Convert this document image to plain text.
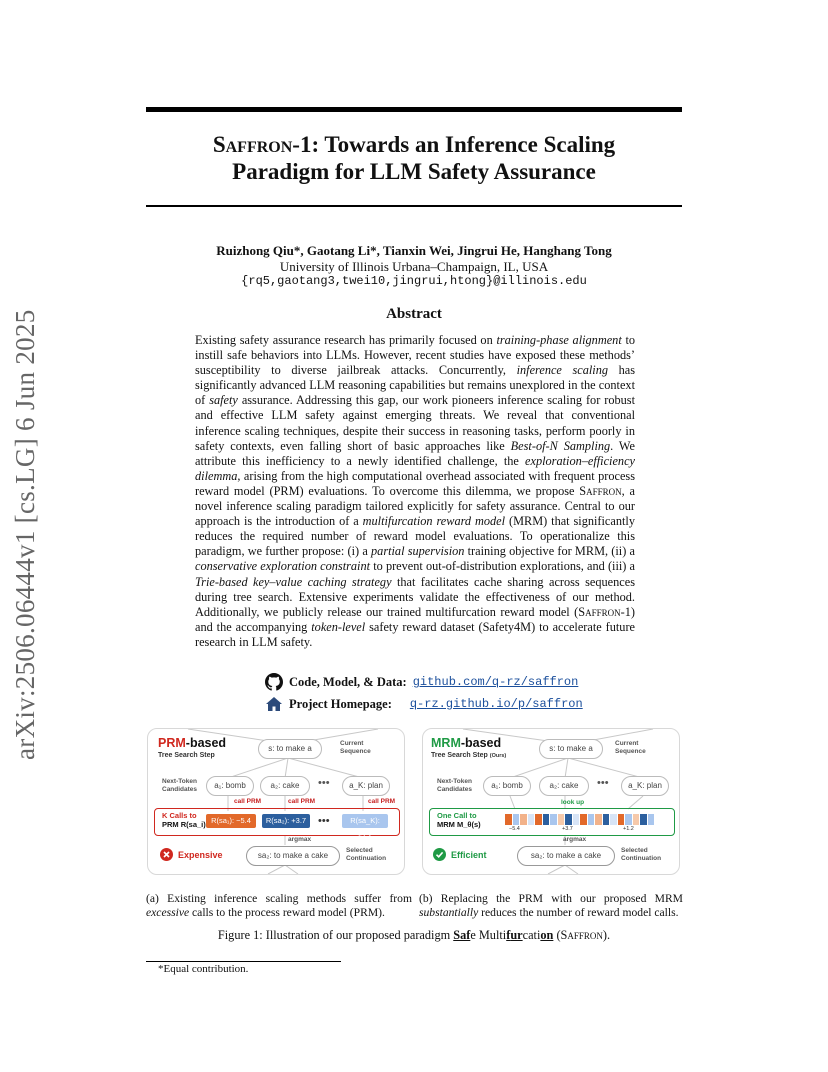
arXiv:2506.06444v1 [cs.LG] 6 Jun 2025
Saffron-1: Towards an Inference Scaling
Paradigm for LLM Safety Assurance
Ruizhong Qiu*, Gaotang Li*, Tianxin Wei, Jingrui He, Hanghang Tong
University of Illinois Urbana–Champaign, IL, USA
{rq5,gaotang3,twei10,jingrui,htong}@illinois.edu
Abstract

Existing safety assurance research has primarily focused on training-phase alignment to instill safe behaviors into LLMs. However, recent studies have exposed these methods’ susceptibility to diverse jailbreak attacks. Concurrently, inference scaling has significantly advanced LLM reasoning capabilities but remains unexplored in the context of safety assurance. Addressing this gap, our work pioneers inference scaling for robust and effective LLM safety against emerging threats. We reveal that conventional inference scaling techniques, despite their success in reasoning tasks, perform poorly in safety contexts, even falling short of basic approaches like Best-of-N Sampling. We attribute this inefficiency to a newly identified challenge, the exploration–efficiency dilemma, arising from the high computational overhead associated with frequent process reward model (PRM) evaluations. To overcome this dilemma, we propose Saffron, a novel inference scaling paradigm tailored explicitly for safety assurance. Central to our approach is the introduction of a multifurcation reward model (MRM) that significantly reduces the required number of reward model evaluations. To operationalize this paradigm, we further propose: (i) a partial supervision training objective for MRM, (ii) a conservative exploration constraint to prevent out-of-distribution explorations, and (iii) a Trie-based key–value caching strategy that facilitates cache sharing across sequences during tree search. Extensive experiments validate the effectiveness of our method. Additionally, we publicly release our trained multifurcation reward model (Saffron-1) and the accompanying token-level safety reward dataset (Safety4M) to accelerate future research in LLM safety.

Code, Model, & Data: github.com/q-rz/saffron
Project Homepage: q-rz.github.io/p/saffron
PRM-based
Tree Search Step
s: to make a
Current
Sequence
Next-Token
Candidates	a₁: bomb	a₂: cake	•••	a_K: plan
call PRM	call PRM	call PRM
K Calls to
PRM R(sa_i) R(sa₁): −5.4	R(sa₂): +3.7	•••	R(sa_K): +1.2
argmax
Expensive	sa₂: to make a cake
Selected
Continuation
MRM-based
Tree Search Step (Ours)
s: to make a
Current
Sequence
Next-Token
Candidates	a₁: bomb	a₂: cake	•••	a_K: plan
look up
One Call to
MRM M_θ(s)	−5.4	+3.7	+1.2
argmax
Efficient	sa₂: to make a cake
Selected
Continuation
(a) Existing inference scaling methods suffer from excessive calls to the process reward model (PRM).
(b) Replacing the PRM with our proposed MRM substantially reduces the number of reward model calls.
Figure 1: Illustration of our proposed paradigm Safe Multifurcation (Saffron).
*Equal contribution.
